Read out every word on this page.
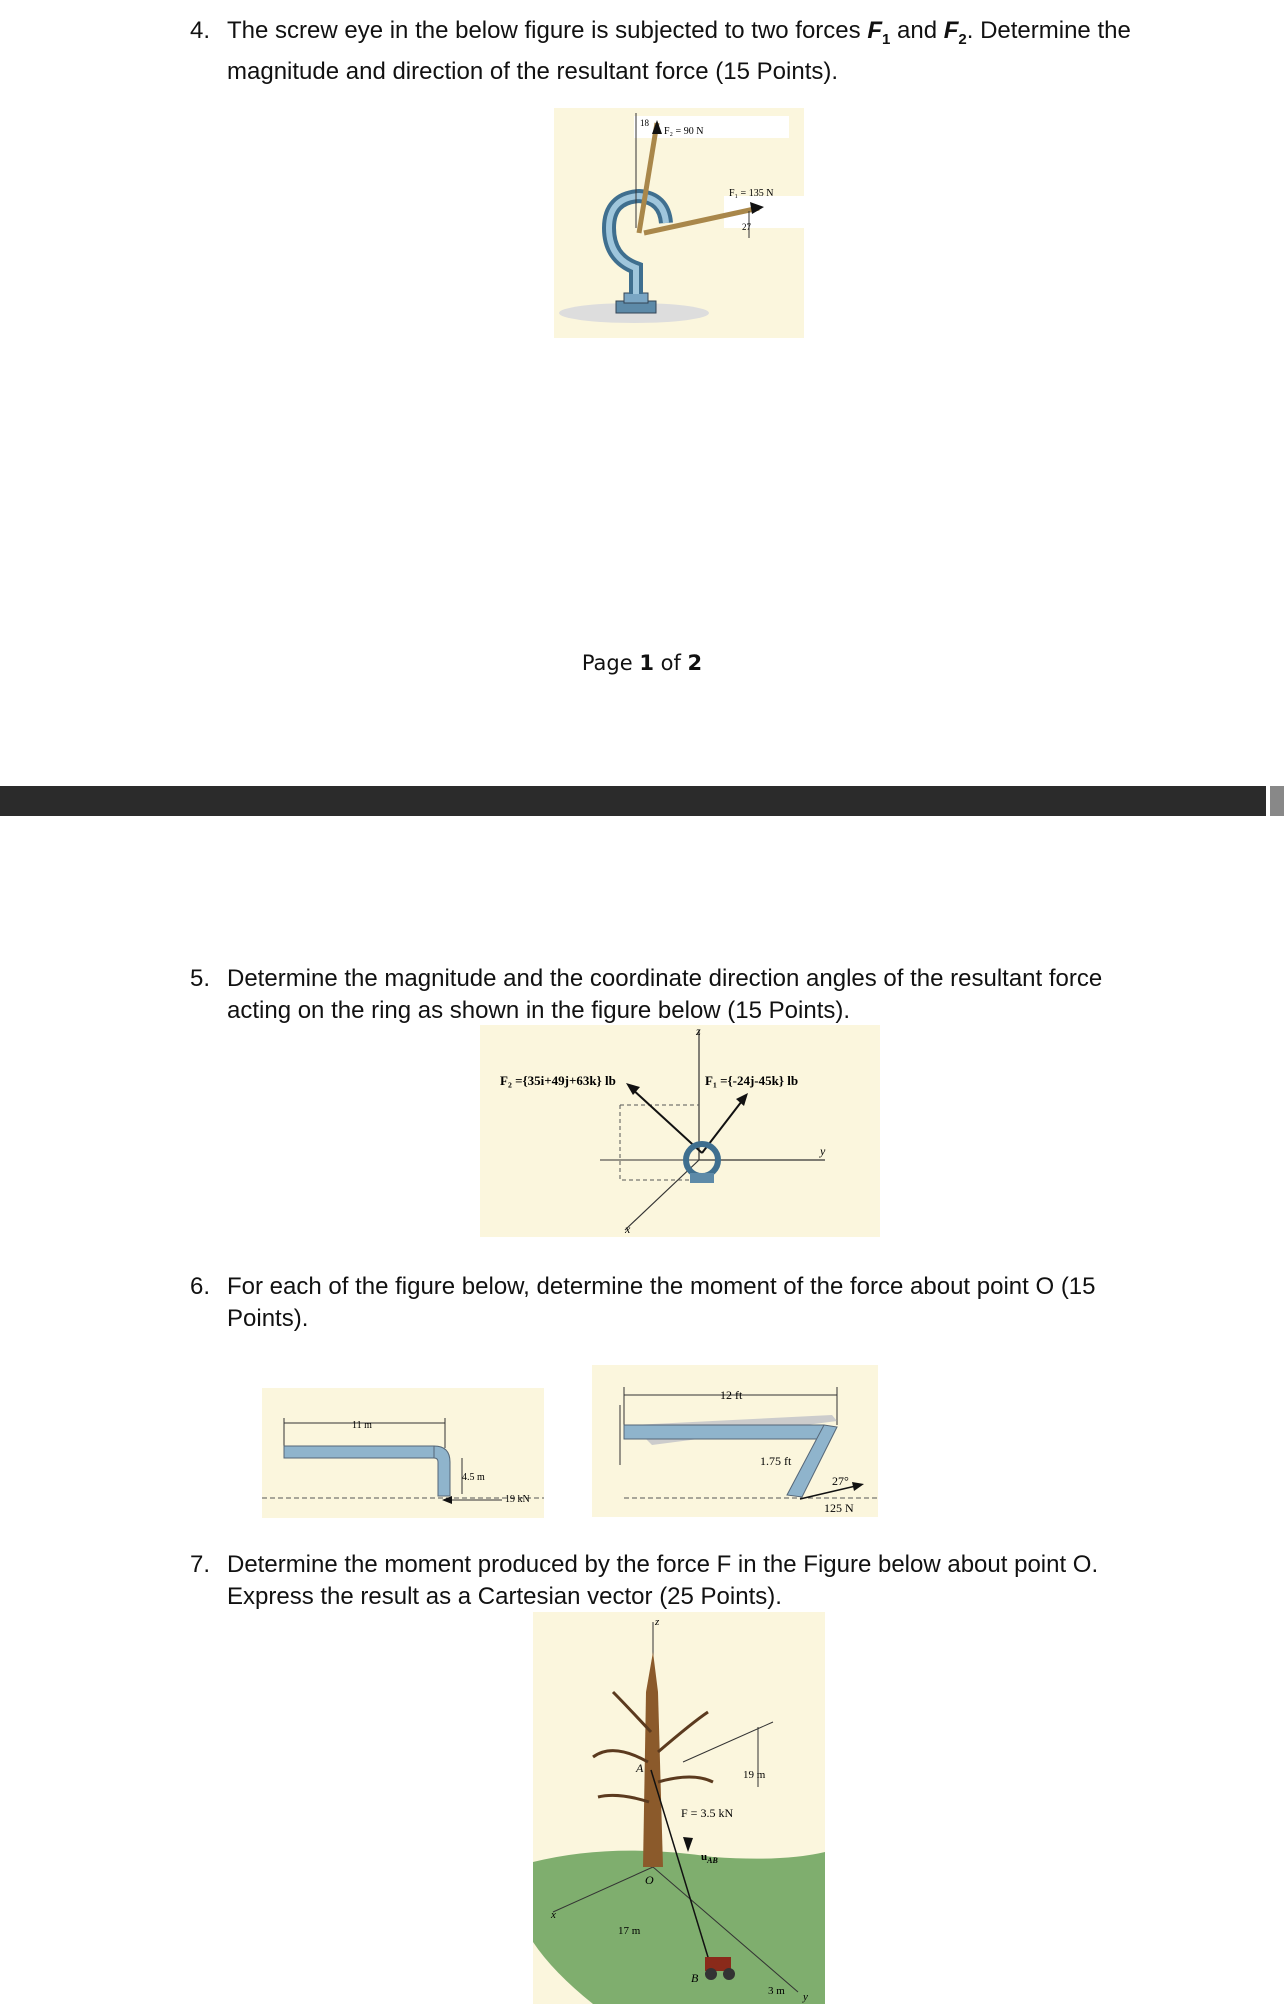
4. The screw eye in the below figure is subjected to two forces $F_1$ and $F_2$. Determine the magnitude and direction of the resultant force (15 Points).
18
F₂ = 90 N
F₁ = 135 N
27
Page 1 of 2
5. Determine the magnitude and the coordinate direction angles of the resultant force acting on the ring as shown in the figure below (15 Points).
F₂ ={35i+49j+63k} lb	F₁ ={-24j-45k} lb
z
y
x
6. For each of the figure below, determine the moment of the force about point O (15 Points).
11 m
4.5 m
19 kN
12 ft
1.75 ft
27°
125 N
7. Determine the moment produced by the force F in the Figure below about point O. Express the result as a Cartesian vector (25 Points).
z
x
y
A
O
B
19 m
F = 3.5 kN
$u_{AB}$
17 m
3 m
